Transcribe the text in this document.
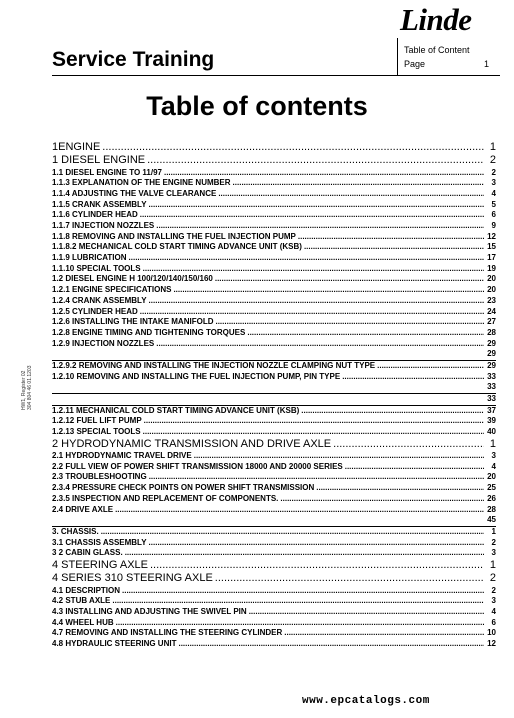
Linde
Service Training	Table of Content
Page	1
Table of contents
HW1, Register 02 304 804 46 01.1203
1ENGINE .....	1
1 DIESEL ENGINE .....	2
1.1 DIESEL ENGINE TO 11/97 .....	2
1.1.3 EXPLANATION OF THE ENGINE NUMBER .....	3
1.1.4 ADJUSTING THE VALVE CLEARANCE .....	4
1.1.5 CRANK ASSEMBLY .....	5
1.1.6 CYLINDER HEAD .....	6
1.1.7 INJECTION NOZZLES .....	9
1.1.8 REMOVING AND INSTALLING THE FUEL INJECTION PUMP .....	12
1.1.8.2 MECHANICAL COLD START TIMING ADVANCE UNIT (KSB) .....	15
1.1.9 LUBRICATION .....	17
1.1.10 SPECIAL TOOLS .....	19
1.2 DIESEL ENGINE H 100/120/140/150/160 .....	20
1.2.1 ENGINE SPECIFICATIONS .....	20
1.2.4 CRANK ASSEMBLY .....	23
1.2.5 CYLINDER HEAD .....	24
1.2.6 INSTALLING THE INTAKE MANIFOLD .....	27
1.2.8 ENGINE TIMING AND TIGHTENING TORQUES .....	28
1.2.9 INJECTION NOZZLES .....	29
29
1.2.9.2 REMOVING AND INSTALLING THE INJECTION NOZZLE CLAMPING NUT TYPE .....	29
1.2.10 REMOVING AND INSTALLING THE FUEL INJECTION PUMP, PIN TYPE .....	33
33
33
1.2.11 MECHANICAL COLD START TIMING ADVANCE UNIT (KSB) .....	37
1.2.12 FUEL LIFT PUMP .....	39
1.2.13 SPECIAL TOOLS .....	40
2 HYDRODYNAMIC TRANSMISSION AND DRIVE AXLE .....	1
2.1 HYDRODYNAMIC TRAVEL DRIVE .....	3
2.2 FULL VIEW OF POWER SHIFT TRANSMISSION 18000 AND 20000 SERIES .....	4
2.3 TROUBLESHOOTING .....	20
2.3.4 PRESSURE CHECK POINTS ON POWER SHIFT TRANSMISSION .....	25
2.3.5 INSPECTION AND REPLACEMENT OF COMPONENTS. .....	26
2.4 DRIVE AXLE .....	28
45
3. CHASSIS. .....	1
3.1 CHASSIS ASSEMBLY .....	2
3 2 CABIN GLASS. .....	3
4 STEERING AXLE .....	1
4 SERIES 310 STEERING AXLE .....	2
4.1 DESCRIPTION .....	2
4.2 STUB AXLE .....	3
4.3 INSTALLING AND ADJUSTING THE SWIVEL PIN .....	4
4.4 WHEEL HUB .....	6
4.7 REMOVING AND INSTALLING THE STEERING CYLINDER .....	10
4.8 HYDRAULIC STEERING UNIT .....	12
www.epcatalogs.com
